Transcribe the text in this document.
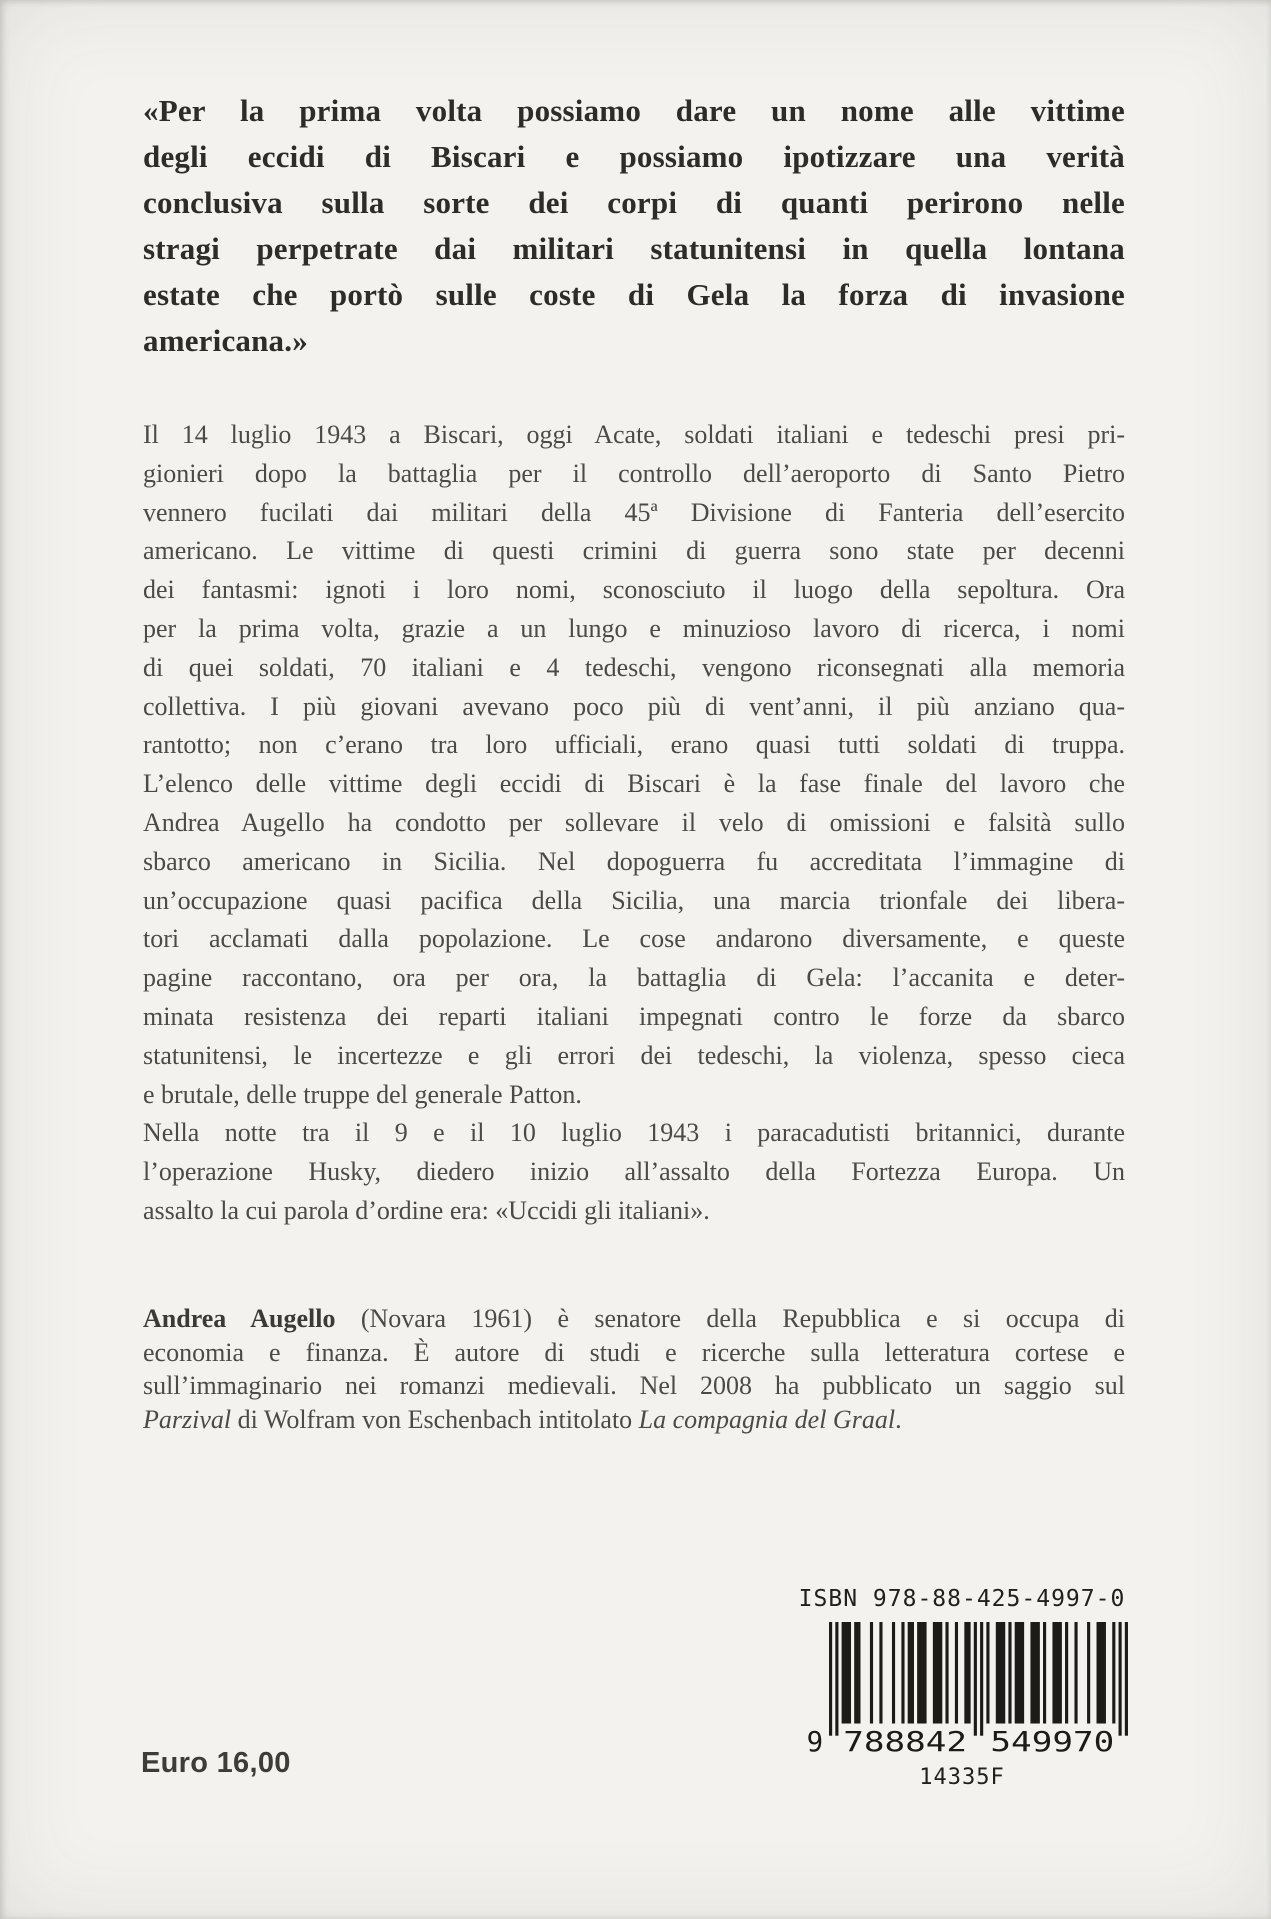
«Per la prima volta possiamo dare un nome alle vittime
degli eccidi di Biscari e possiamo ipotizzare una verità
conclusiva sulla sorte dei corpi di quanti perirono nelle
stragi perpetrate dai militari statunitensi in quella lontana
estate che portò sulle coste di Gela la forza di invasione
americana.»
Il 14 luglio 1943 a Biscari, oggi Acate, soldati italiani e tedeschi presi pri-
gionieri dopo la battaglia per il controllo dell’aeroporto di Santo Pietro
vennero fucilati dai militari della 45ª Divisione di Fanteria dell’esercito
americano. Le vittime di questi crimini di guerra sono state per decenni
dei fantasmi: ignoti i loro nomi, sconosciuto il luogo della sepoltura. Ora
per la prima volta, grazie a un lungo e minuzioso lavoro di ricerca, i nomi
di quei soldati, 70 italiani e 4 tedeschi, vengono riconsegnati alla memoria
collettiva. I più giovani avevano poco più di vent’anni, il più anziano qua-
rantotto; non c’erano tra loro ufficiali, erano quasi tutti soldati di truppa.
L’elenco delle vittime degli eccidi di Biscari è la fase finale del lavoro che
Andrea Augello ha condotto per sollevare il velo di omissioni e falsità sullo
sbarco americano in Sicilia. Nel dopoguerra fu accreditata l’immagine di
un’occupazione quasi pacifica della Sicilia, una marcia trionfale dei libera-
tori acclamati dalla popolazione. Le cose andarono diversamente, e queste
pagine raccontano, ora per ora, la battaglia di Gela: l’accanita e deter-
minata resistenza dei reparti italiani impegnati contro le forze da sbarco
statunitensi, le incertezze e gli errori dei tedeschi, la violenza, spesso cieca
e brutale, delle truppe del generale Patton.
Nella notte tra il 9 e il 10 luglio 1943 i paracadutisti britannici, durante
l’operazione Husky, diedero inizio all’assalto della Fortezza Europa. Un
assalto la cui parola d’ordine era: «Uccidi gli italiani».
Andrea Augello (Novara 1961) è senatore della Repubblica e si occupa di
economia e finanza. È autore di studi e ricerche sulla letteratura cortese e
sull’immaginario nei romanzi medievali. Nel 2008 ha pubblicato un saggio sul
Parzival di Wolfram von Eschenbach intitolato La compagnia del Graal.
ISBN 978-88-425-4997-0
9 788842 549970
14335F
Euro 16,00
